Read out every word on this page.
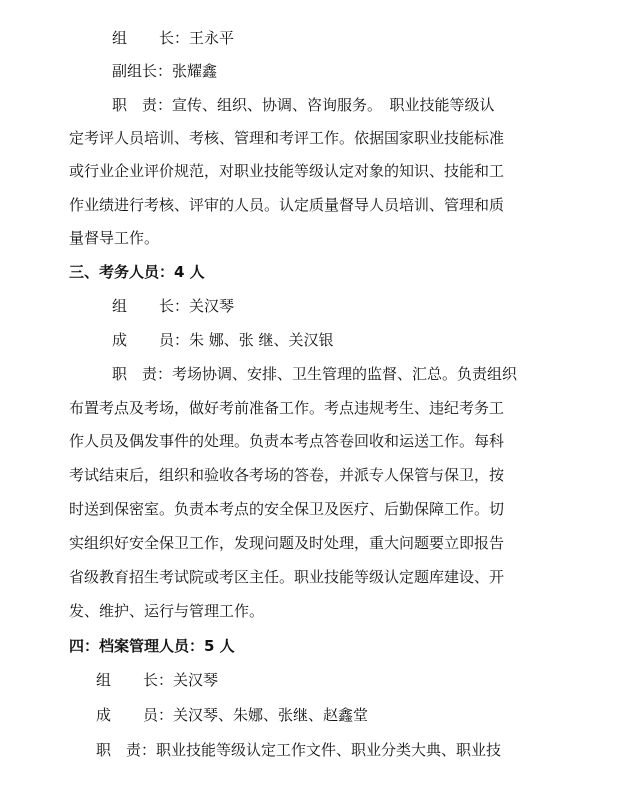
组 长 ：王永平
副组长：张耀鑫
职　责：宣传、组织、协调、咨询服务。　职业技能等级认
定考评人员培训、考核、管理和考评工作。依据国家职业技能标准
或行业企业评价规范，对职业技能等级认定对象的知识、技能和工
作业绩进行考核、评审的人员。认定质量督导人员培训、管理和质
量督导工作。
三、考务人员：4 人
组 长 ：关汉琴
成 员 ：朱 娜、张 继、关汉银
职　责：考场协调、安排、卫生管理的监督、汇总。负责组织
布置考点及考场，做好考前准备工作。考点违规考生、违纪考务工
作人员及偶发事件的处理。负责本考点答卷回收和运送工作。每科
考试结束后，组织和验收各考场的答卷，并派专人保管与保卫，按
时送到保密室。负责本考点的安全保卫及医疗、后勤保障工作。切
实组织好安全保卫工作，发现问题及时处理，重大问题要立即报告
省级教育招生考试院或考区主任。职业技能等级认定题库建设、开
发、维护、运行与管理工作。
四：档案管理人员：5 人
组 长 ：关汉琴
成 员 ：关汉琴、朱娜、张继、赵鑫堂
职　责：职业技能等级认定工作文件、职业分类大典、职业技
